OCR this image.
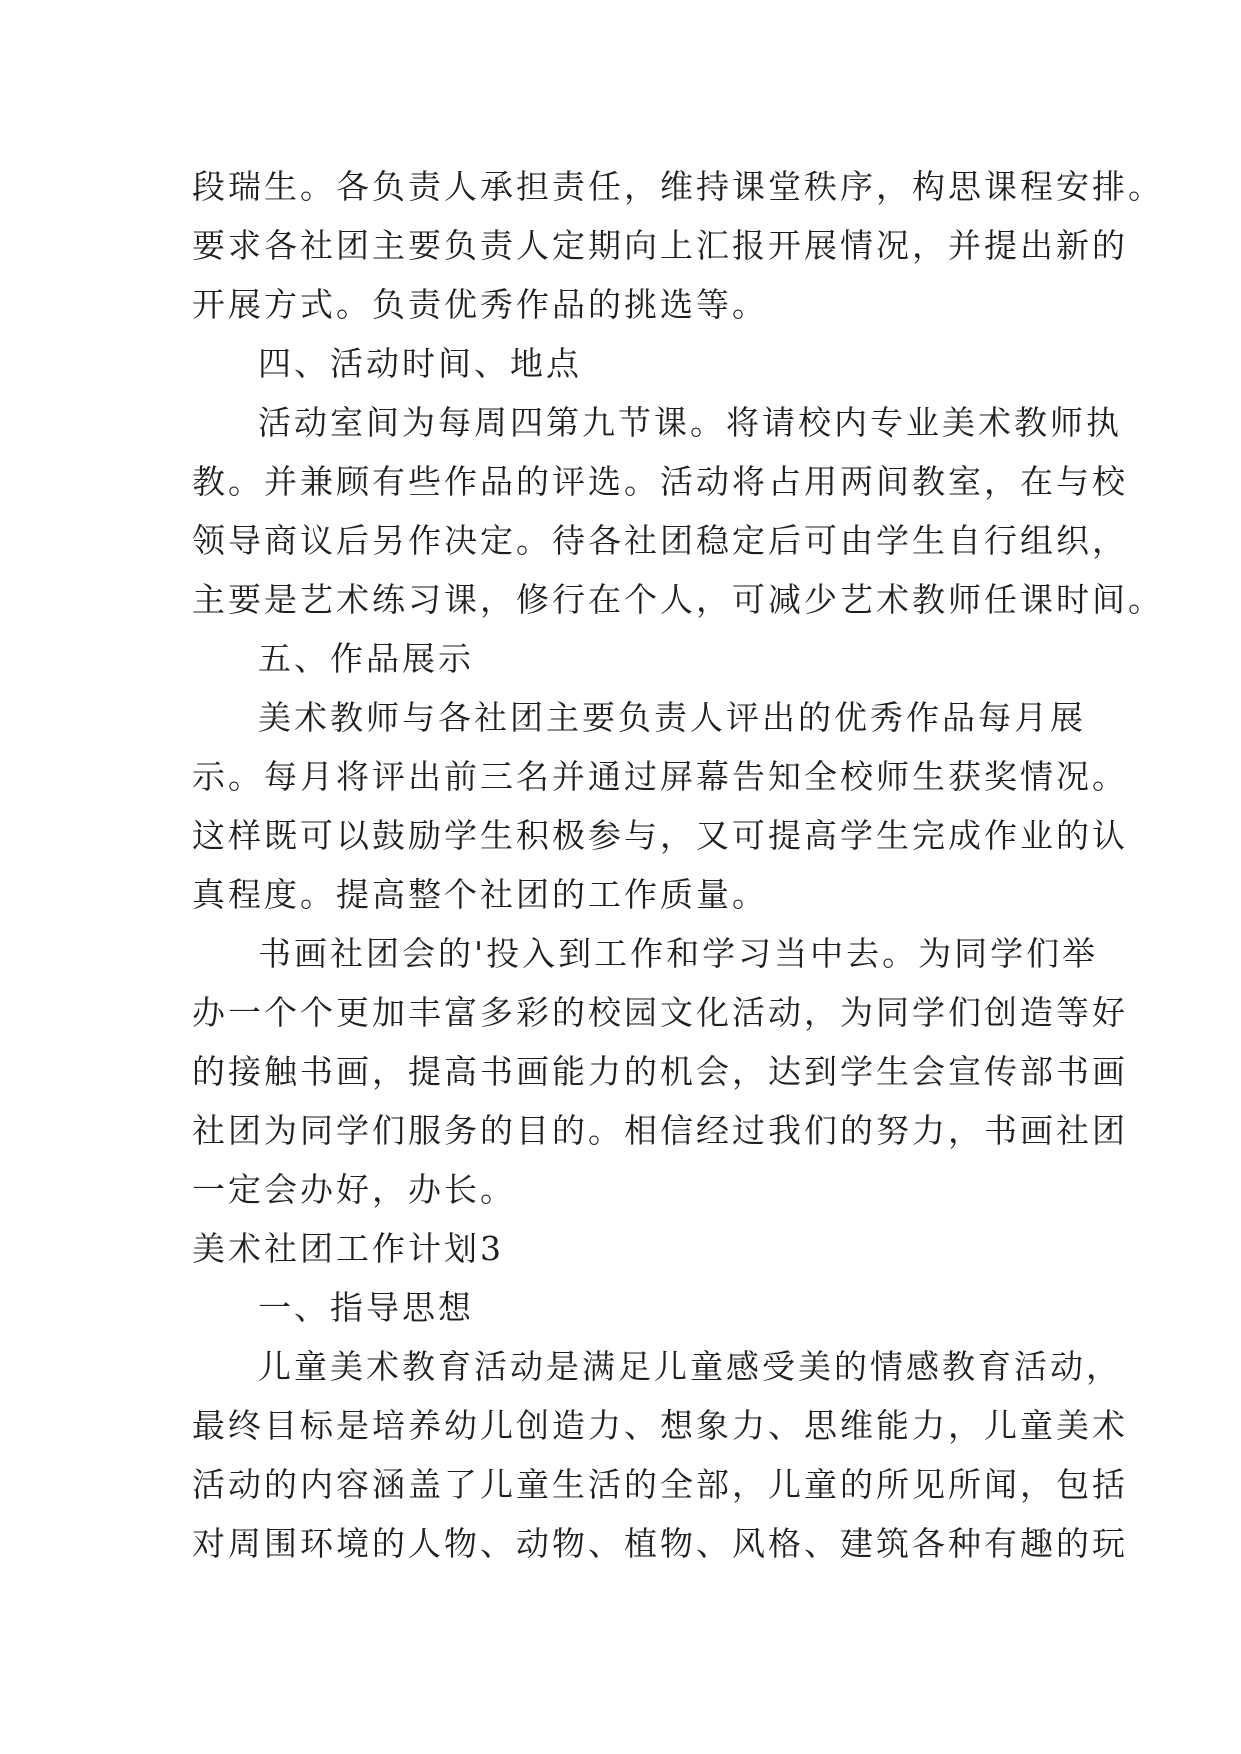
段瑞生。各负责人承担责任，维持课堂秩序，构思课程安排。
要求各社团主要负责人定期向上汇报开展情况，并提出新的
开展方式。负责优秀作品的挑选等。
四、活动时间、地点
活动室间为每周四第九节课。将请校内专业美术教师执
教。并兼顾有些作品的评选。活动将占用两间教室，在与校
领导商议后另作决定。待各社团稳定后可由学生自行组织，
主要是艺术练习课，修行在个人，可减少艺术教师任课时间。
五、作品展示
美术教师与各社团主要负责人评出的优秀作品每月展
示。每月将评出前三名并通过屏幕告知全校师生获奖情况。
这样既可以鼓励学生积极参与，又可提高学生完成作业的认
真程度。提高整个社团的工作质量。
书画社团会的'投入到工作和学习当中去。为同学们举
办一个个更加丰富多彩的校园文化活动，为同学们创造等好
的接触书画，提高书画能力的机会，达到学生会宣传部书画
社团为同学们服务的目的。相信经过我们的努力，书画社团
一定会办好，办长。
美术社团工作计划3
一、指导思想
儿童美术教育活动是满足儿童感受美的情感教育活动，
最终目标是培养幼儿创造力、想象力、思维能力，儿童美术
活动的内容涵盖了儿童生活的全部，儿童的所见所闻，包括
对周围环境的人物、动物、植物、风格、建筑各种有趣的玩
